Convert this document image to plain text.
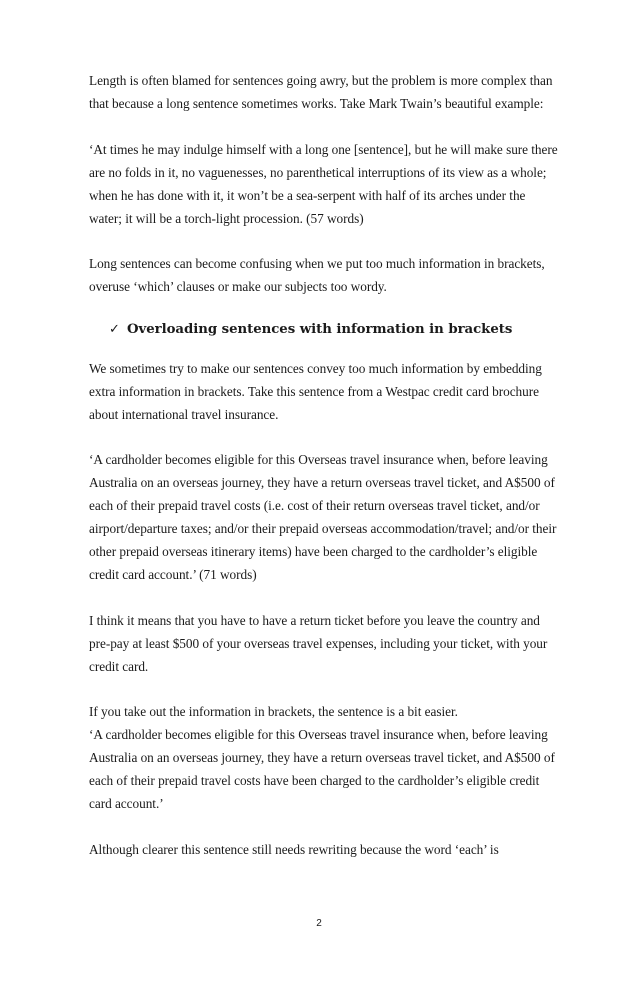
Length is often blamed for sentences going awry, but the problem is more complex than that because a long sentence sometimes works. Take Mark Twain’s beautiful example:

‘At times he may indulge himself with a long one [sentence], but he will make sure there are no folds in it, no vaguenesses, no parenthetical interruptions of its view as a whole; when he has done with it, it won’t be a sea-serpent with half of its arches under the water; it will be a torch-light procession. (57 words)

Long sentences can become confusing when we put too much information in brackets, overuse ‘which’ clauses or make our subjects too wordy.

✓ Overloading sentences with information in brackets

We sometimes try to make our sentences convey too much information by embedding extra information in brackets. Take this sentence from a Westpac credit card brochure about international travel insurance.

‘A cardholder becomes eligible for this Overseas travel insurance when, before leaving Australia on an overseas journey, they have a return overseas travel ticket, and A$500 of each of their prepaid travel costs (i.e. cost of their return overseas travel ticket, and/or airport/departure taxes; and/or their prepaid overseas accommodation/travel; and/or their other prepaid overseas itinerary items) have been charged to the cardholder’s eligible credit card account.’ (71 words)

I think it means that you have to have a return ticket before you leave the country and pre-pay at least $500 of your overseas travel expenses, including your ticket, with your credit card.

If you take out the information in brackets, the sentence is a bit easier.

‘A cardholder becomes eligible for this Overseas travel insurance when, before leaving Australia on an overseas journey, they have a return overseas travel ticket, and A$500 of each of their prepaid travel costs have been charged to the cardholder’s eligible credit card account.’

Although clearer this sentence still needs rewriting because the word ‘each’ is

2
